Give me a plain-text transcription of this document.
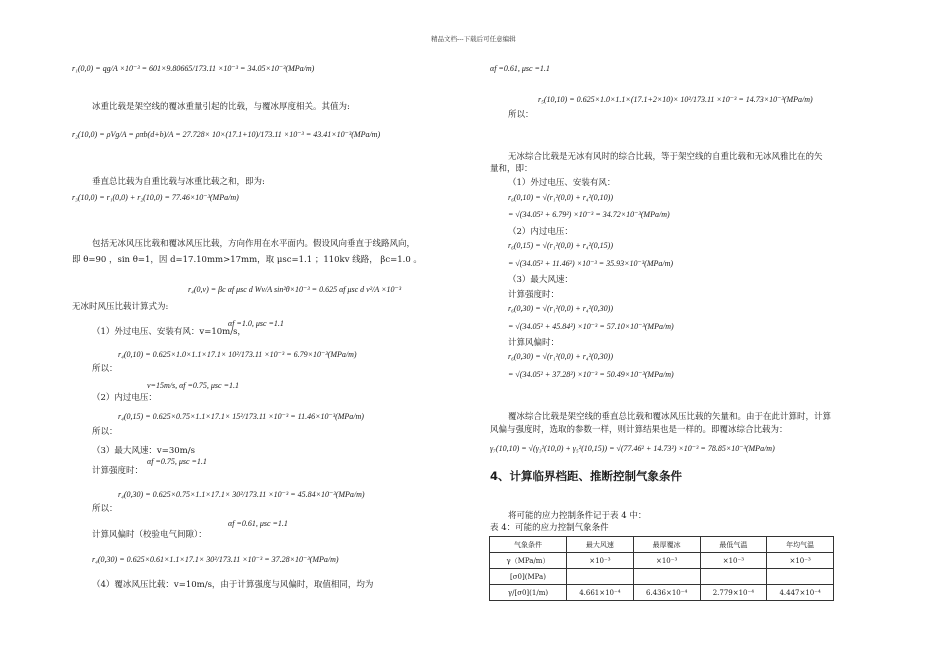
精品文档---下载后可任意编辑
r₁(0,0) = qg/A ×10⁻³ = 601×9.80665/173.11 ×10⁻³ = 34.05×10⁻³(MPa/m)
冰重比载是架空线的覆冰重量引起的比载，与覆冰厚度相关。其值为:
r₂(10,0) = ρVg/A = ρπb(d+b)/A = 27.728× 10×(17.1+10)/173.11 ×10⁻³ = 43.41×10⁻³(MPa/m)
垂直总比载为自重比载与冰重比载之和，即为:
r₃(10,0) = r₁(0,0) + r₂(10,0) = 77.46×10⁻³(MPa/m)
包括无冰风压比载和覆冰风压比载，方向作用在水平面内。假设风向垂直于线路风向，
即 θ=90 ，sin θ=1，因 d=17.10mm>17mm，取 μsc=1.1 ；110kv 线路， βc=1.0 。
r₄(0,v) = βc αf μsc d Wv/A sin²θ×10⁻³ = 0.625 αf μsc d v²/A ×10⁻³
无冰时风压比载计算式为:
αf =1.0, μsc =1.1
（1）外过电压、安装有风：v=10m/s，
r₄(0,10) = 0.625×1.0×1.1×17.1× 10²/173.11 ×10⁻³ = 6.79×10⁻³(MPa/m)
所以：
v=15m/s, αf =0.75, μsc =1.1
（2）内过电压：
r₄(0,15) = 0.625×0.75×1.1×17.1× 15²/173.11 ×10⁻³ = 11.46×10⁻³(MPa/m)
所以：
（3）最大风速：v=30m/s
αf =0.75, μsc =1.1
计算强度时：
r₄(0,30) = 0.625×0.75×1.1×17.1× 30²/173.11 ×10⁻³ = 45.84×10⁻³(MPa/m)
所以：
计算风偏时（校验电气间隙）：
αf =0.61, μsc =1.1
r₄(0,30) = 0.625×0.61×1.1×17.1× 30²/173.11 ×10⁻³ = 37.28×10⁻³(MPa/m)
（4）覆冰风压比载：v=10m/s，由于计算强度与风偏时，取值相同，均为
αf =0.61, μsc =1.1
r₅(10,10) = 0.625×1.0×1.1×(17.1+2×10)× 10²/173.11 ×10⁻³ = 14.73×10⁻³(MPa/m)
所以：
无冰综合比载是无冰有风时的综合比载，等于架空线的自重比载和无冰风雅比在的矢
量和，即：
（1）外过电压、安装有风：
r₆(0,10) = √(r₁²(0,0) + r₄²(0,10))
= √(34.05² + 6.79²) ×10⁻³ = 34.72×10⁻³(MPa/m)
（2）内过电压：
r₆(0,15) = √(r₁²(0,0) + r₄²(0,15))
= √(34.05² + 11.46²) ×10⁻³ = 35.93×10⁻³(MPa/m)
（3）最大风速：
计算强度时：
r₆(0,30) = √(r₁²(0,0) + r₄²(0,30))
= √(34.05² + 45.84²) ×10⁻³ = 57.10×10⁻³(MPa/m)
计算风偏时：
r₆(0,30) = √(r₁²(0,0) + r₄²(0,30))
= √(34.05² + 37.28²) ×10⁻³ = 50.49×10⁻³(MPa/m)
覆冰综合比载是架空线的垂直总比载和覆冰风压比载的矢量和。由于在此计算时，计算
风偏与强度时，选取的参数一样，则计算结果也是一样的。即覆冰综合比载为：
γ₇(10,10) = √(γ₃²(10,0) + γ₅²(10,15)) = √(77.46² + 14.73²) ×10⁻³ = 78.85×10⁻³(MPa/m)
4、计算临界档距、推断控制气象条件
将可能的应力控制条件记于表 4 中：
表 4：可能的应力控制气象条件
气象条件	最大风速	最厚覆冰	最低气温	年均气温
γ（MPa/m）	×10⁻³	×10⁻³	×10⁻³	×10⁻³
[σ0](MPa)				
γ/[σ0](1/m)	4.661×10⁻⁴	6.436×10⁻⁴	2.779×10⁻⁴	4.447×10⁻⁴
